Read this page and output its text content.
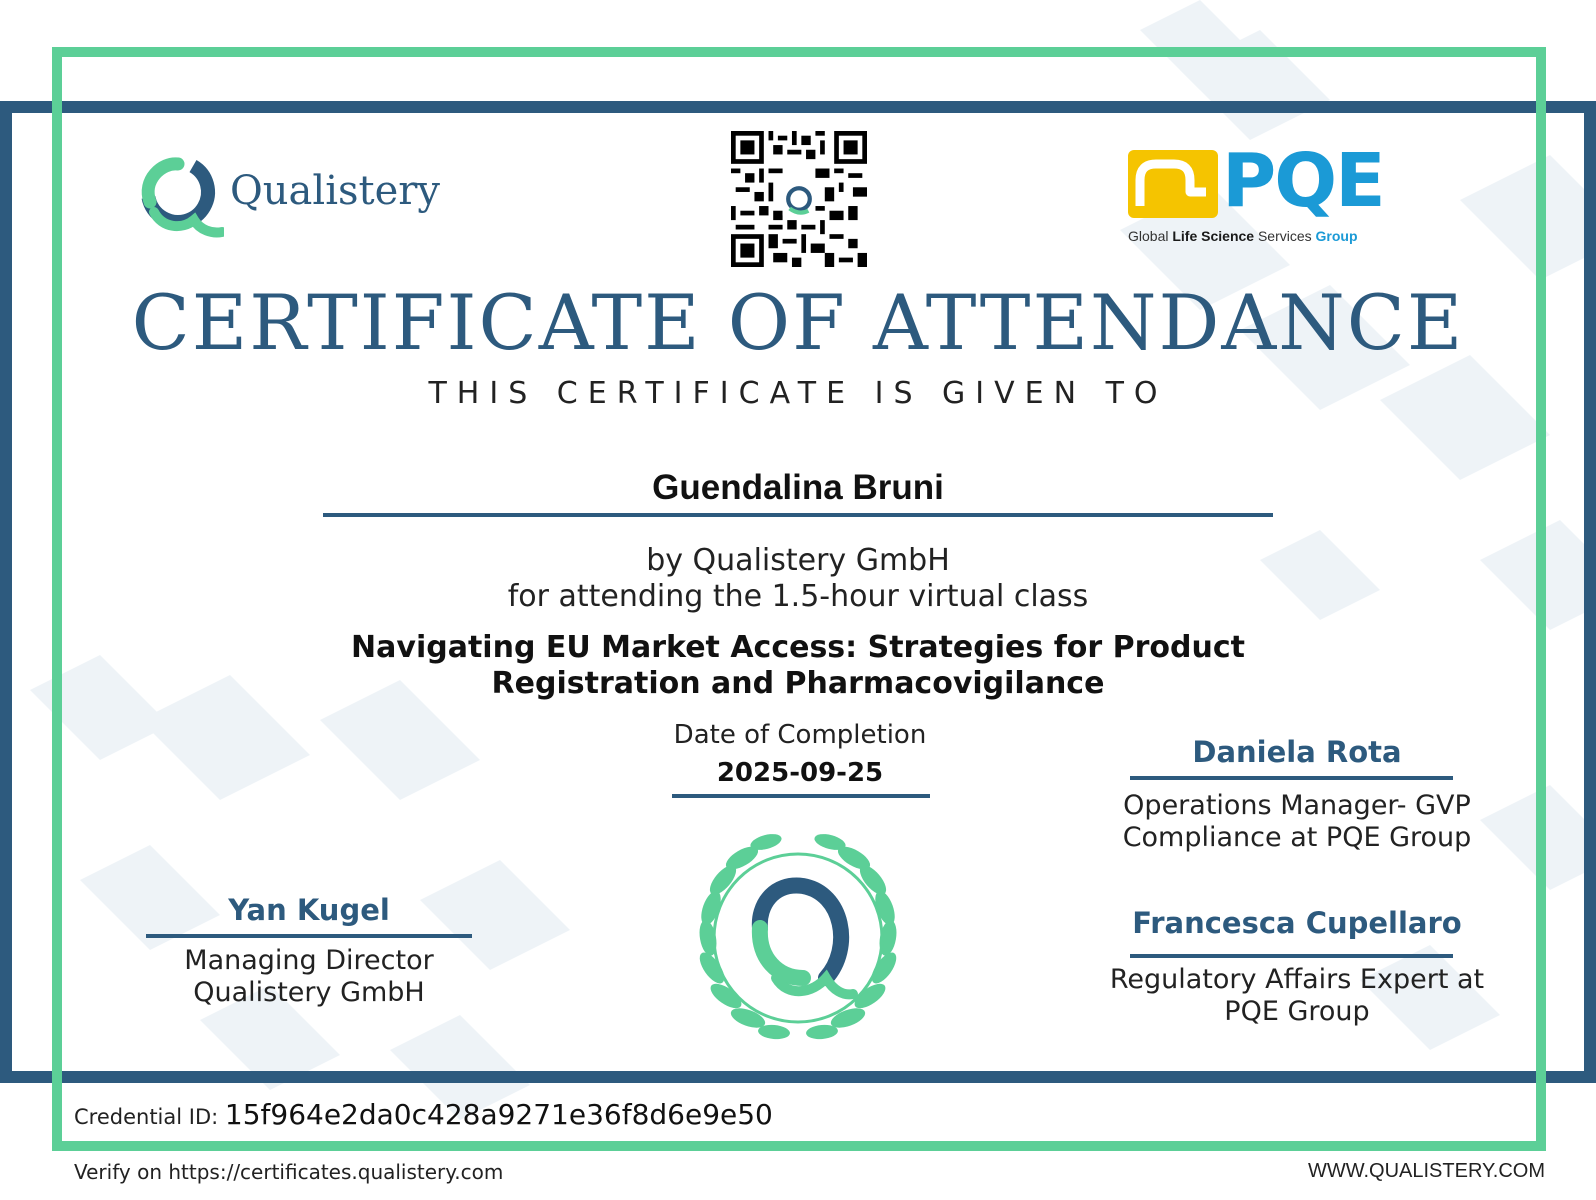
Qualistery	PQE
Global Life Science Services Group
CERTIFICATE OF ATTENDANCE
THIS CERTIFICATE IS GIVEN TO
Guendalina Bruni
by Qualistery GmbH
for attending the 1.5-hour virtual class
Navigating EU Market Access: Strategies for Product Registration and Pharmacovigilance
Date of Completion
2025-09-25
Yan Kugel
Managing Director Qualistery GmbH
Daniela Rota
Operations Manager- GVP Compliance at PQE Group
Francesca Cupellaro
Regulatory Affairs Expert at PQE Group
Credential ID: 15f964e2da0c428a9271e36f8d6e9e50
Verify on https://certificates.qualistery.com	WWW.QUALISTERY.COM
